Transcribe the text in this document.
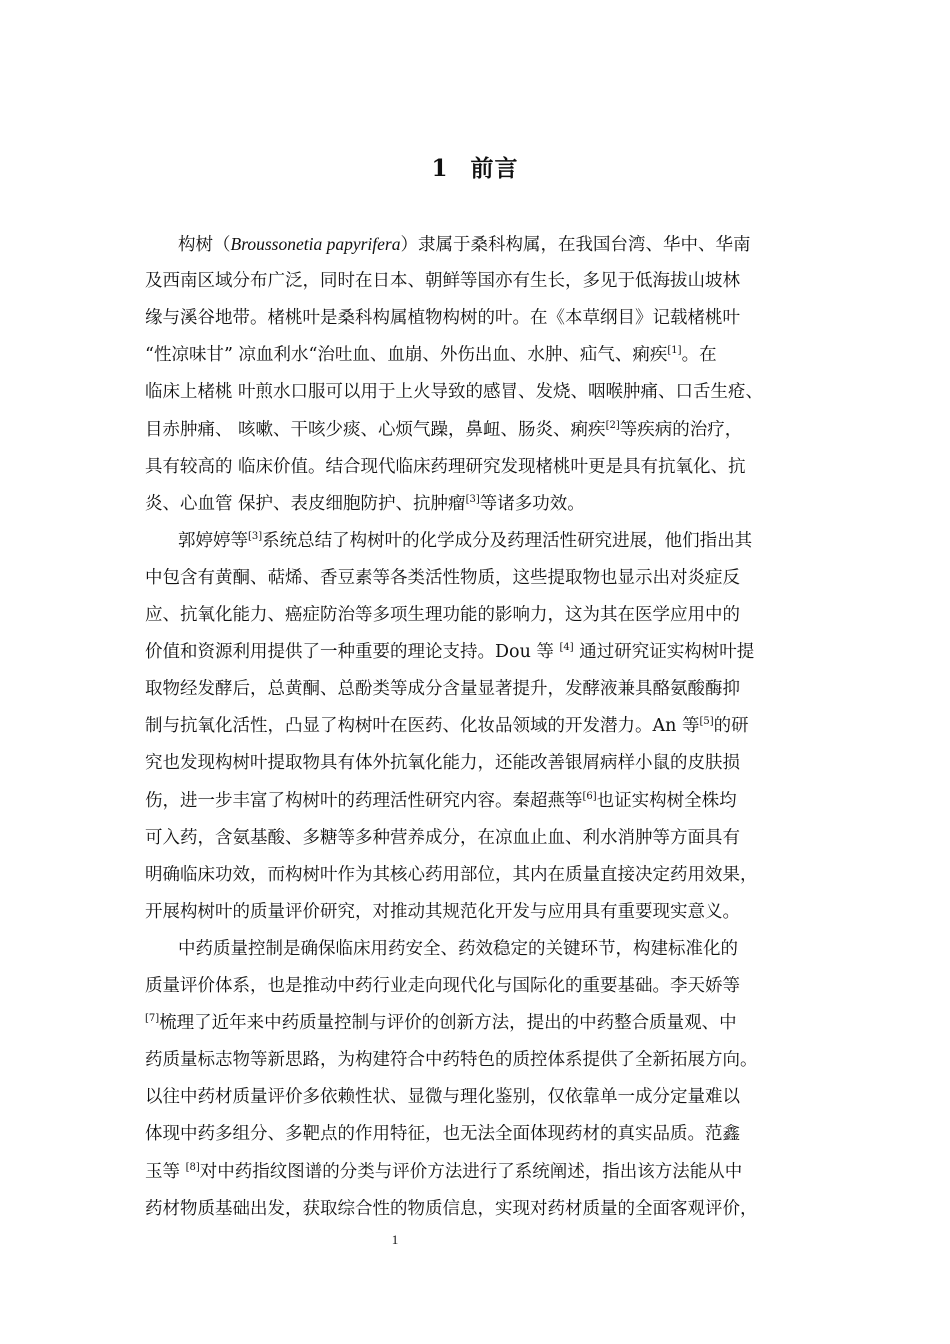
1 前言
构树（Broussonetia papyrifera）隶属于桑科构属，在我国台湾、华中、华南
及西南区域分布广泛，同时在日本、朝鲜等国亦有生长，多见于低海拔山坡林
缘与溪谷地带。楮桃叶是桑科构属植物构树的叶。在《本草纲目》记载楮桃叶
“性凉味甘” 凉血利水“治吐血、血崩、外伤出血、水肿、疝气、痢疾[1]。在
临床上楮桃 叶煎水口服可以用于上火导致的感冒、发烧、咽喉肿痛、口舌生疮、
目赤肿痛、 咳嗽、干咳少痰、心烦气躁，鼻衄、肠炎、痢疾[2]等疾病的治疗，
具有较高的 临床价值。结合现代临床药理研究发现楮桃叶更是具有抗氧化、抗
炎、心血管 保护、表皮细胞防护、抗肿瘤[3]等诸多功效。
郭婷婷等[3]系统总结了构树叶的化学成分及药理活性研究进展，他们指出其
中包含有黄酮、萜烯、香豆素等各类活性物质，这些提取物也显示出对炎症反
应、抗氧化能力、癌症防治等多项生理功能的影响力，这为其在医学应用中的
价值和资源利用提供了一种重要的理论支持。Dou 等 [4] 通过研究证实构树叶提
取物经发酵后，总黄酮、总酚类等成分含量显著提升，发酵液兼具酪氨酸酶抑
制与抗氧化活性，凸显了构树叶在医药、化妆品领域的开发潜力。An 等[5]的研
究也发现构树叶提取物具有体外抗氧化能力，还能改善银屑病样小鼠的皮肤损
伤，进一步丰富了构树叶的药理活性研究内容。秦超燕等[6]也证实构树全株均
可入药，含氨基酸、多糖等多种营养成分，在凉血止血、利水消肿等方面具有
明确临床功效，而构树叶作为其核心药用部位，其内在质量直接决定药用效果，
开展构树叶的质量评价研究，对推动其规范化开发与应用具有重要现实意义。
中药质量控制是确保临床用药安全、药效稳定的关键环节，构建标准化的
质量评价体系，也是推动中药行业走向现代化与国际化的重要基础。李天娇等
[7]梳理了近年来中药质量控制与评价的创新方法，提出的中药整合质量观、中
药质量标志物等新思路，为构建符合中药特色的质控体系提供了全新拓展方向。
以往中药材质量评价多依赖性状、显微与理化鉴别，仅依靠单一成分定量难以
体现中药多组分、多靶点的作用特征，也无法全面体现药材的真实品质。范鑫
玉等 [8]对中药指纹图谱的分类与评价方法进行了系统阐述，指出该方法能从中
药材物质基础出发，获取综合性的物质信息，实现对药材质量的全面客观评价，
1
